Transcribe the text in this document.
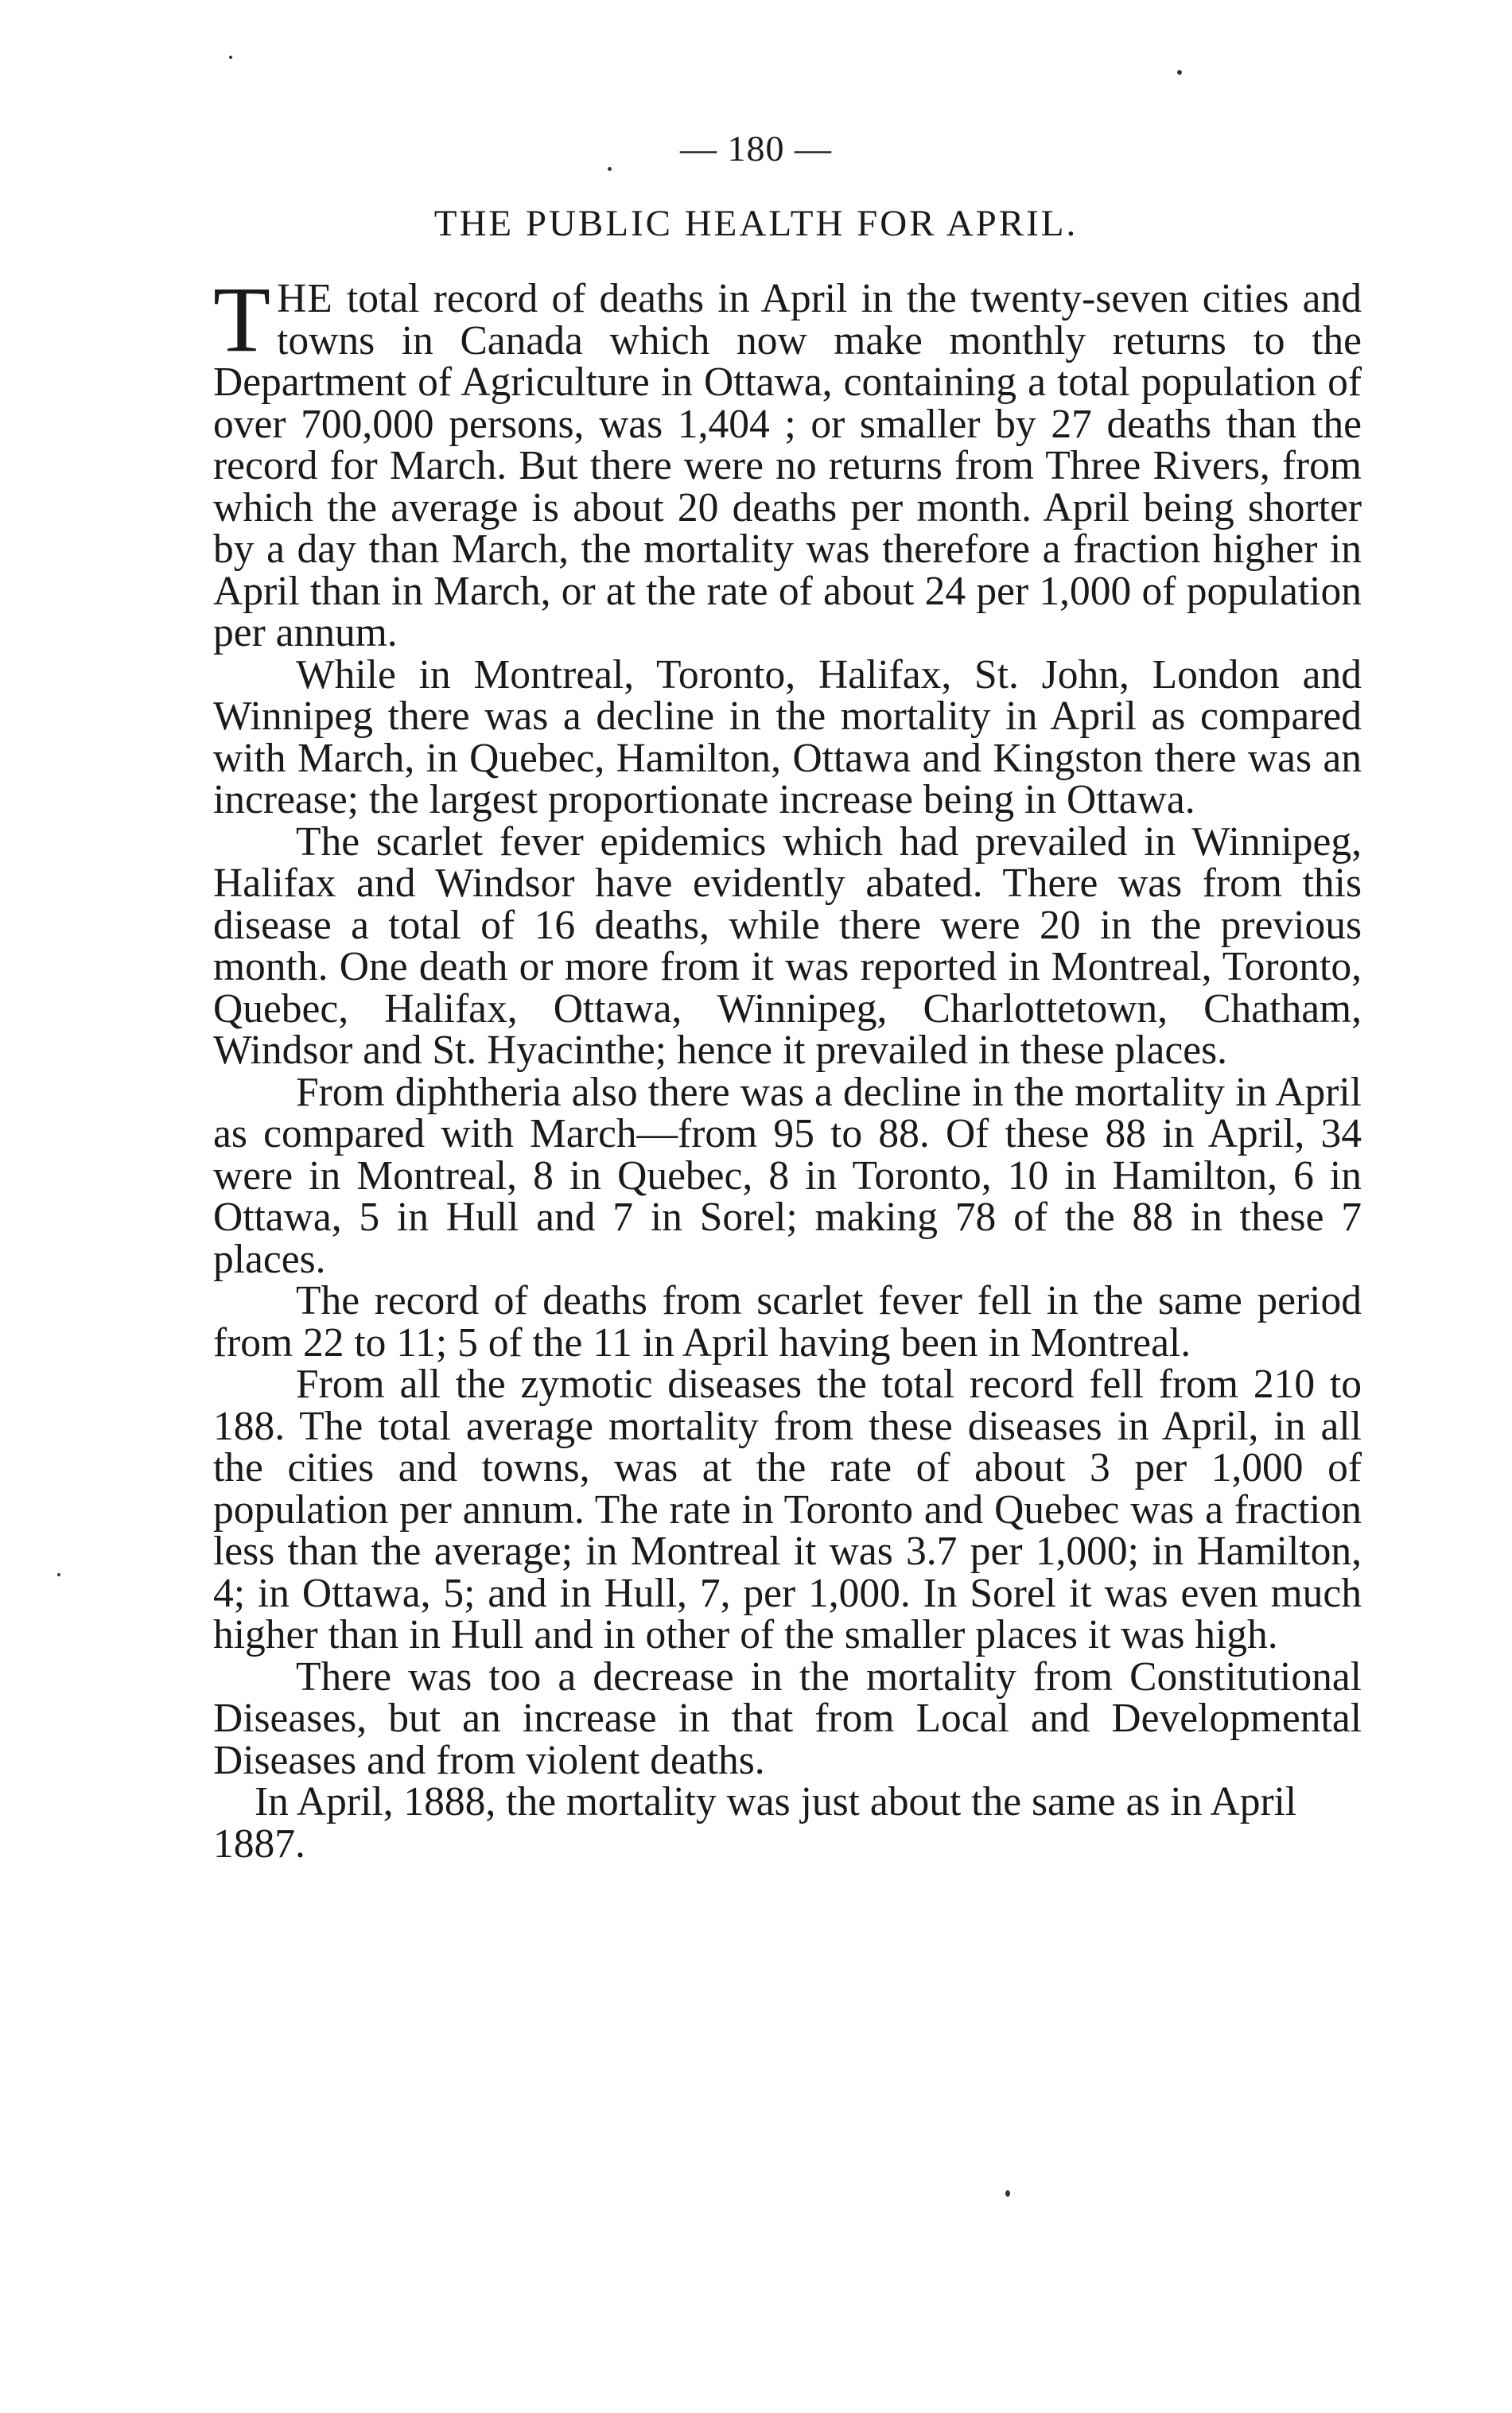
— 180 —
THE PUBLIC HEALTH FOR APRIL.

THE total record of deaths in April in the twenty-seven cities and towns in Canada which now make monthly returns to the Department of Agriculture in Ottawa, containing a total population of over 700,000 persons, was 1,404 ; or smaller by 27 deaths than the record for March. But there were no returns from Three Rivers, from which the average is about 20 deaths per month. April being shorter by a day than March, the mortality was therefore a fraction higher in April than in March, or at the rate of about 24 per 1,000 of population per annum.

While in Montreal, Toronto, Halifax, St. John, London and Winnipeg there was a decline in the mortality in April as compared with March, in Quebec, Hamilton, Ottawa and Kingston there was an increase; the largest proportionate increase being in Ottawa.

The scarlet fever epidemics which had prevailed in Winnipeg, Halifax and Windsor have evidently abated. There was from this disease a total of 16 deaths, while there were 20 in the previous month. One death or more from it was reported in Montreal, Toronto, Quebec, Halifax, Ottawa, Winnipeg, Charlottetown, Chatham, Windsor and St. Hyacinthe; hence it prevailed in these places.

From diphtheria also there was a decline in the mortality in April as compared with March—from 95 to 88. Of these 88 in April, 34 were in Montreal, 8 in Quebec, 8 in Toronto, 10 in Hamilton, 6 in Ottawa, 5 in Hull and 7 in Sorel; making 78 of the 88 in these 7 places.

The record of deaths from scarlet fever fell in the same period from 22 to 11; 5 of the 11 in April having been in Montreal.

From all the zymotic diseases the total record fell from 210 to 188. The total average mortality from these diseases in April, in all the cities and towns, was at the rate of about 3 per 1,000 of population per annum. The rate in Toronto and Quebec was a fraction less than the average; in Montreal it was 3.7 per 1,000; in Hamilton, 4; in Ottawa, 5; and in Hull, 7, per 1,000. In Sorel it was even much higher than in Hull and in other of the smaller places it was high.

There was too a decrease in the mortality from Constitutional Diseases, but an increase in that from Local and Developmental Diseases and from violent deaths.

In April, 1888, the mortality was just about the same as in April 1887.
